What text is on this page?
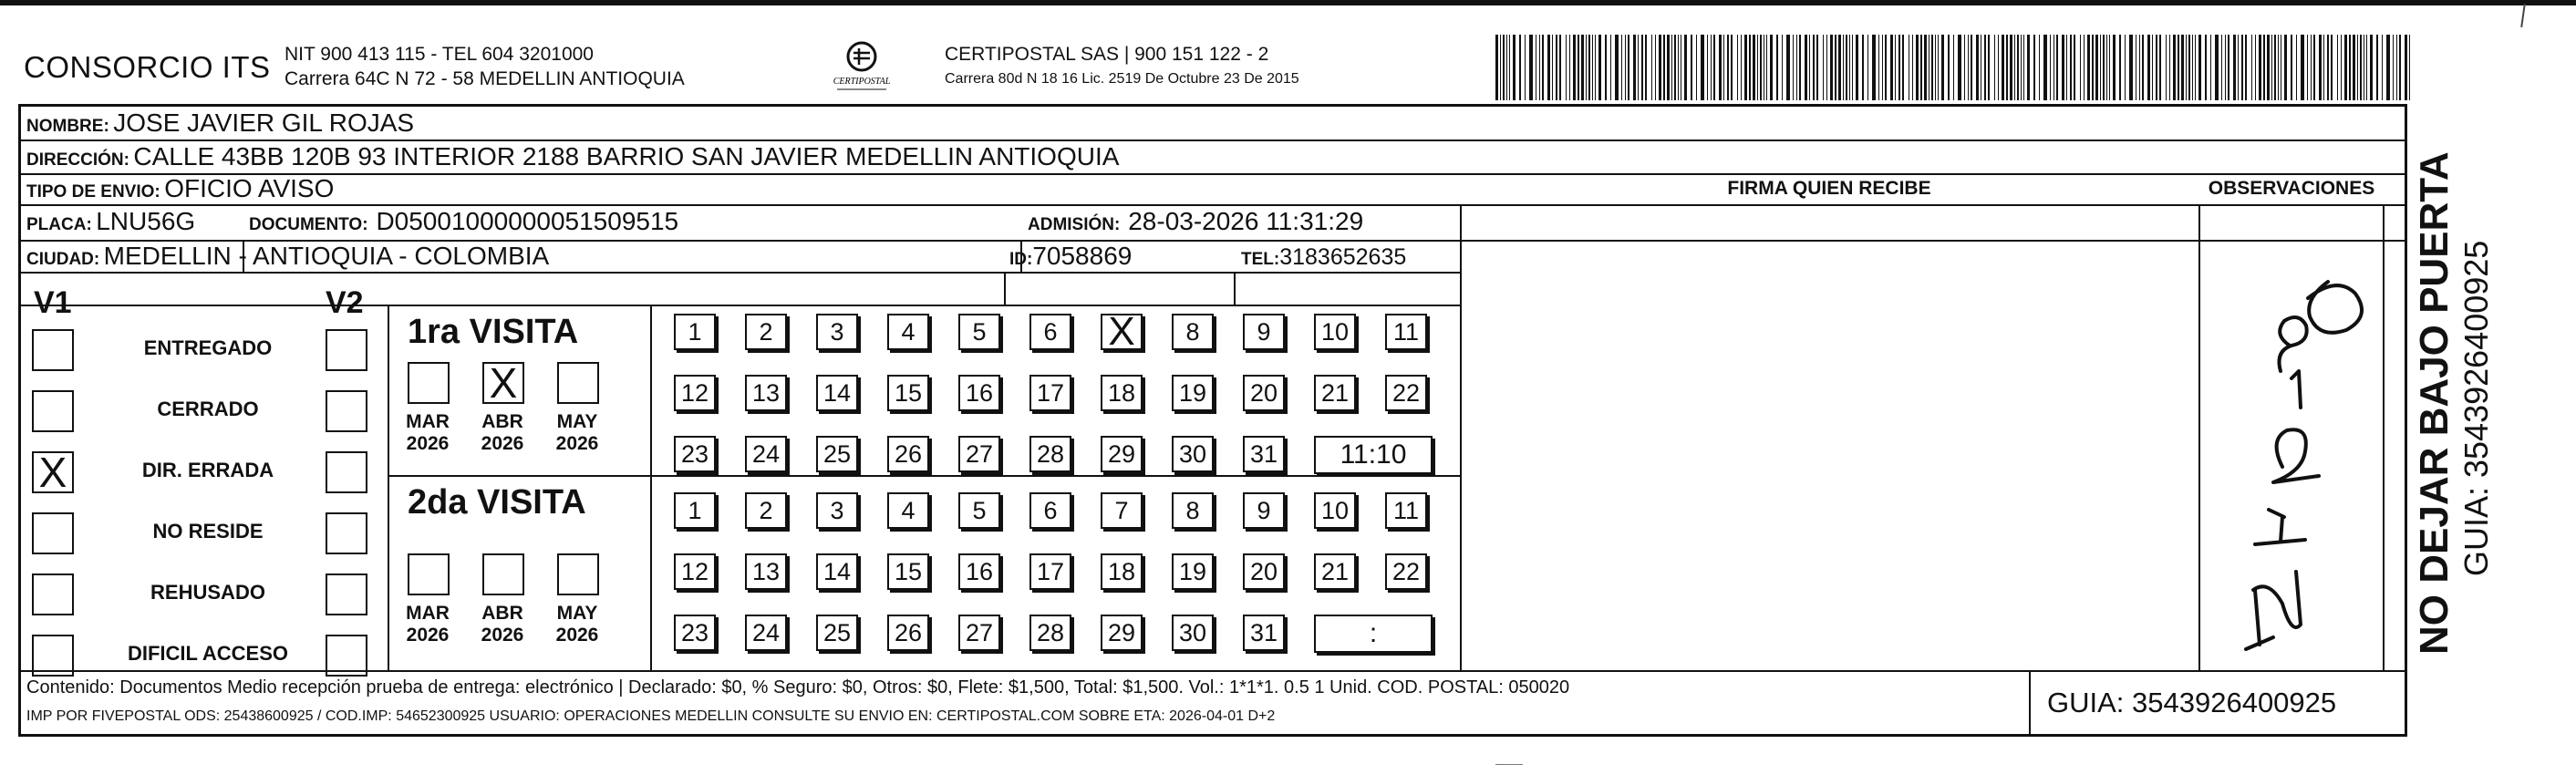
CONSORCIO ITS NIT 900 413 115 - TEL 604 3201000
Carrera 64C N 72 - 58 MEDELLIN ANTIOQUIA	CERTIPOSTAL
CERTIPOSTAL SAS | 900 151 122 - 2
Carrera 80d N 18 16 Lic. 2519 De Octubre 23 De 2015
NOMBRE:
JOSE JAVIER GIL ROJAS
DIRECCIÓN:
CALLE 43BB 120B 93 INTERIOR 2188 BARRIO SAN JAVIER MEDELLIN ANTIOQUIA
TIPO DE ENVIO:
OFICIO AVISO	FIRMA QUIEN RECIBE	OBSERVACIONES
PLACA:
LNU56G	DOCUMENTO:
D05001000000051509515	ADMISIÓN:
28-03-2026 11:31:29
CIUDAD:
MEDELLIN - ANTIOQUIA - COLOMBIA	ID: 7058869	TEL: 3183652635
V1	V2
ENTREGADO
CERRADO
X	DIR. ERRADA
NO RESIDE
REHUSADO
DIFICIL ACCESO
1ra VISITA
MAR
2026
X
ABR
2026
MAY
2026
1 2 3 4 5 6 X 8 9 10 11
12 13 14 15 16 17 18 19 20 21 22
23 24 25 26 27 28 29 30 31	11:10
2da VISITA
MAR
2026
ABR
2026
MAY
2026
1 2 3 4 5 6 7 8 9 10 11
12 13 14 15 16 17 18 19 20 21 22
23 24 25 26 27 28 29 30 31	:
Contenido: Documentos Medio recepción prueba de entrega: electrónico | Declarado: $0, % Seguro: $0, Otros: $0, Flete: $1,500, Total: $1,500. Vol.: 1*1*1. 0.5 1 Unid. COD. POSTAL: 050020
IMP POR FIVEPOSTAL ODS: 25438600925 / COD.IMP: 54652300925 USUARIO: OPERACIONES MEDELLIN CONSULTE SU ENVIO EN: CERTIPOSTAL.COM SOBRE ETA: 2026-04-01 D+2	GUIA: 3543926400925
NO DEJAR BAJO PUERTA GUIA: 3543926400925
